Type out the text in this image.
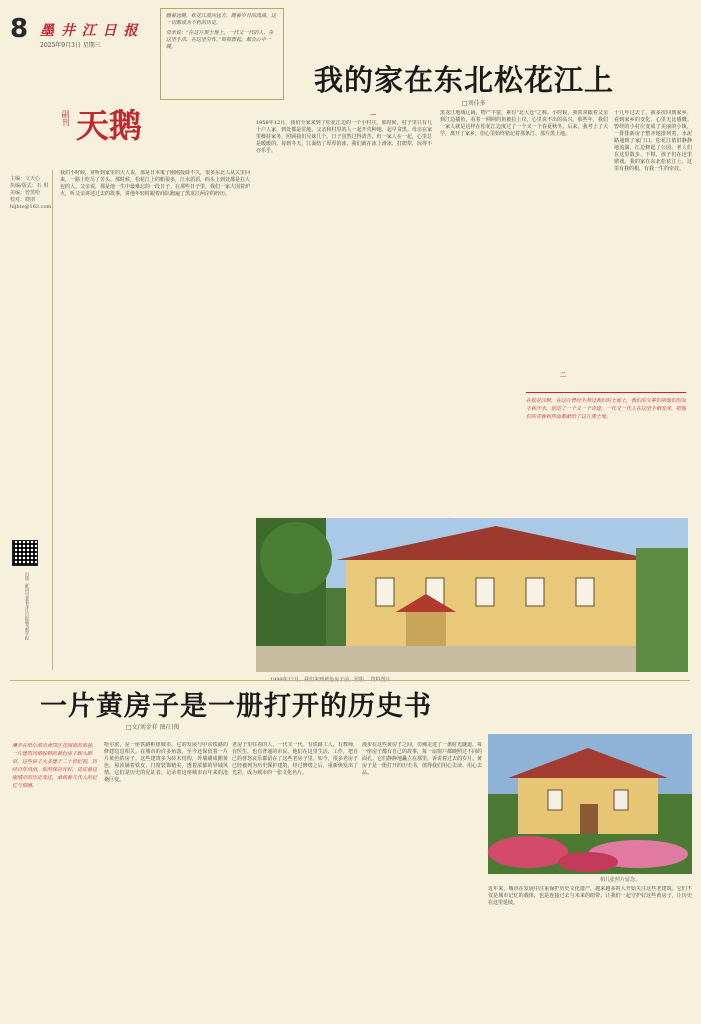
8 墨 井 江 日 报
2025年9月3日 星期三

随着远眺，松花江流向远方，随着岁月的流淌，这一切都成为不朽的历史。

母亲说：“在这片黑土地上，一代又一代的人，在这里生活、在这里劳作。”每每想起，都会心中一暖。

副刊 天鹅
主编：文天心
执编/版式：石 琪
美编：曾黑哈
校对：晓朋
hljbte@163.com
扫描二维码可查看龙江日报副刊数字报
我的家在东北松花江上
□刘佳多
我们小时候，常听到家里的大人说，那是日本鬼子刚刚投降不久，很多东北人从关里回来，一路上吃尽了苦头。那时候，松花江上的船很多，江水滔滔，码头上到处都是扛大包的人。父亲说，那是他一生中最难忘的一段日子。在那些日子里，我们一家人围着炉火，听父亲讲述过去的故事，讲他年轻时跟着商队跑遍了黑龙江两岸的经历。
一
1958年12月，我们全家来到了松花江边的一个小村庄。那时候，村子里只有几十户人家，到处都是荒地。父亲和村里的人一起开荒种地，起早贪黑。母亲在家里操持家务，照顾我们兄妹几个。日子虽然过得清苦，但一家人在一起，心里总是暖暖的。每到冬天，江面结了厚厚的冰，我们就在冰上滑冰、打爬犁，玩得不亦乐乎。
二
黑龙江地域辽阔，物产丰富，素有“北大仓”之称。小时候，我常常跟着父亲到江边捕鱼，看着一网网的鱼被拉上岸，心里说不出的高兴。那些年，我们一家人就是这样在松花江边度过了一个又一个春夏秋冬。后来，我考上了大学，离开了家乡，但心里始终惦记着那条江、那片黑土地。
十几年过去了，我多次回到家乡，看到家乡的变化，心里无比感慨。曾经的小村庄变成了美丽的小镇，一排排新房子整齐地排列着，水泥路通到了家门口。松花江依旧静静地流淌，江边修起了公园，老人们在这里散步、下棋，孩子们在这里嬉戏。我的家在东北松花江上，这里有我的根，有我一生的牵挂。
在松花江畔，在这片曾经生养过我们的土地上，我们的父辈们用他们的双手和汗水，创造了一个又一个奇迹。一代又一代人在这里生根发芽，把他们的青春和热血都献给了这片黑土地。
一片黄房子是一册打开的历史书
□文/刘金祥 图/日俊
漫步在哈尔滨市南岗区花园街的街巷，一片建筑风格独特的黄色房子映入眼帘。这些房子大多建于二十世纪初，历经百年风雨，依然保存完好，见证着这座城市的历史变迁，承载着几代人的记忆与情感。
哈尔滨，是一座铁路枢纽城市。它的发展与中东铁路的修建息息相关。在城市的许多角落，至今还保留着一片片黄色的房子。这些建筑多为砖木结构，外墙刷成鹅黄色，屋顶铺着铁皮，门窗装饰精美，透着浓郁的异域风情。它们是历史的见证者，记录着这座城市百年来的沧桑巨变。
老房子里住着的人，一代又一代。有铁路工人，有教师，有医生，也有普通的市民。他们在这里生活、工作，把自己的喜怒哀乐都留在了这些老房子里。如今，很多老房子已经被列为历史保护建筑，经过修缮之后，重新焕发出了光彩，成为城市的一张文化名片。
漫步在这些黄房子之间，仿佛走进了一条时光隧道。每一座房子都有自己的故事，每一扇窗户都映照过不同的面孔。它们静静地矗立在那里，诉说着过去的岁月。黄房子是一册打开的历史书，值得我们用心去读、用心去品。
近年来，城市在发展中注重保护历史文化遗产，越来越多的人开始关注这些老建筑。它们不仅是城市记忆的载体，也是连接过去与未来的纽带。让我们一起守护好这些黄房子，让历史在这里延续。
柏儿张照片留念。
